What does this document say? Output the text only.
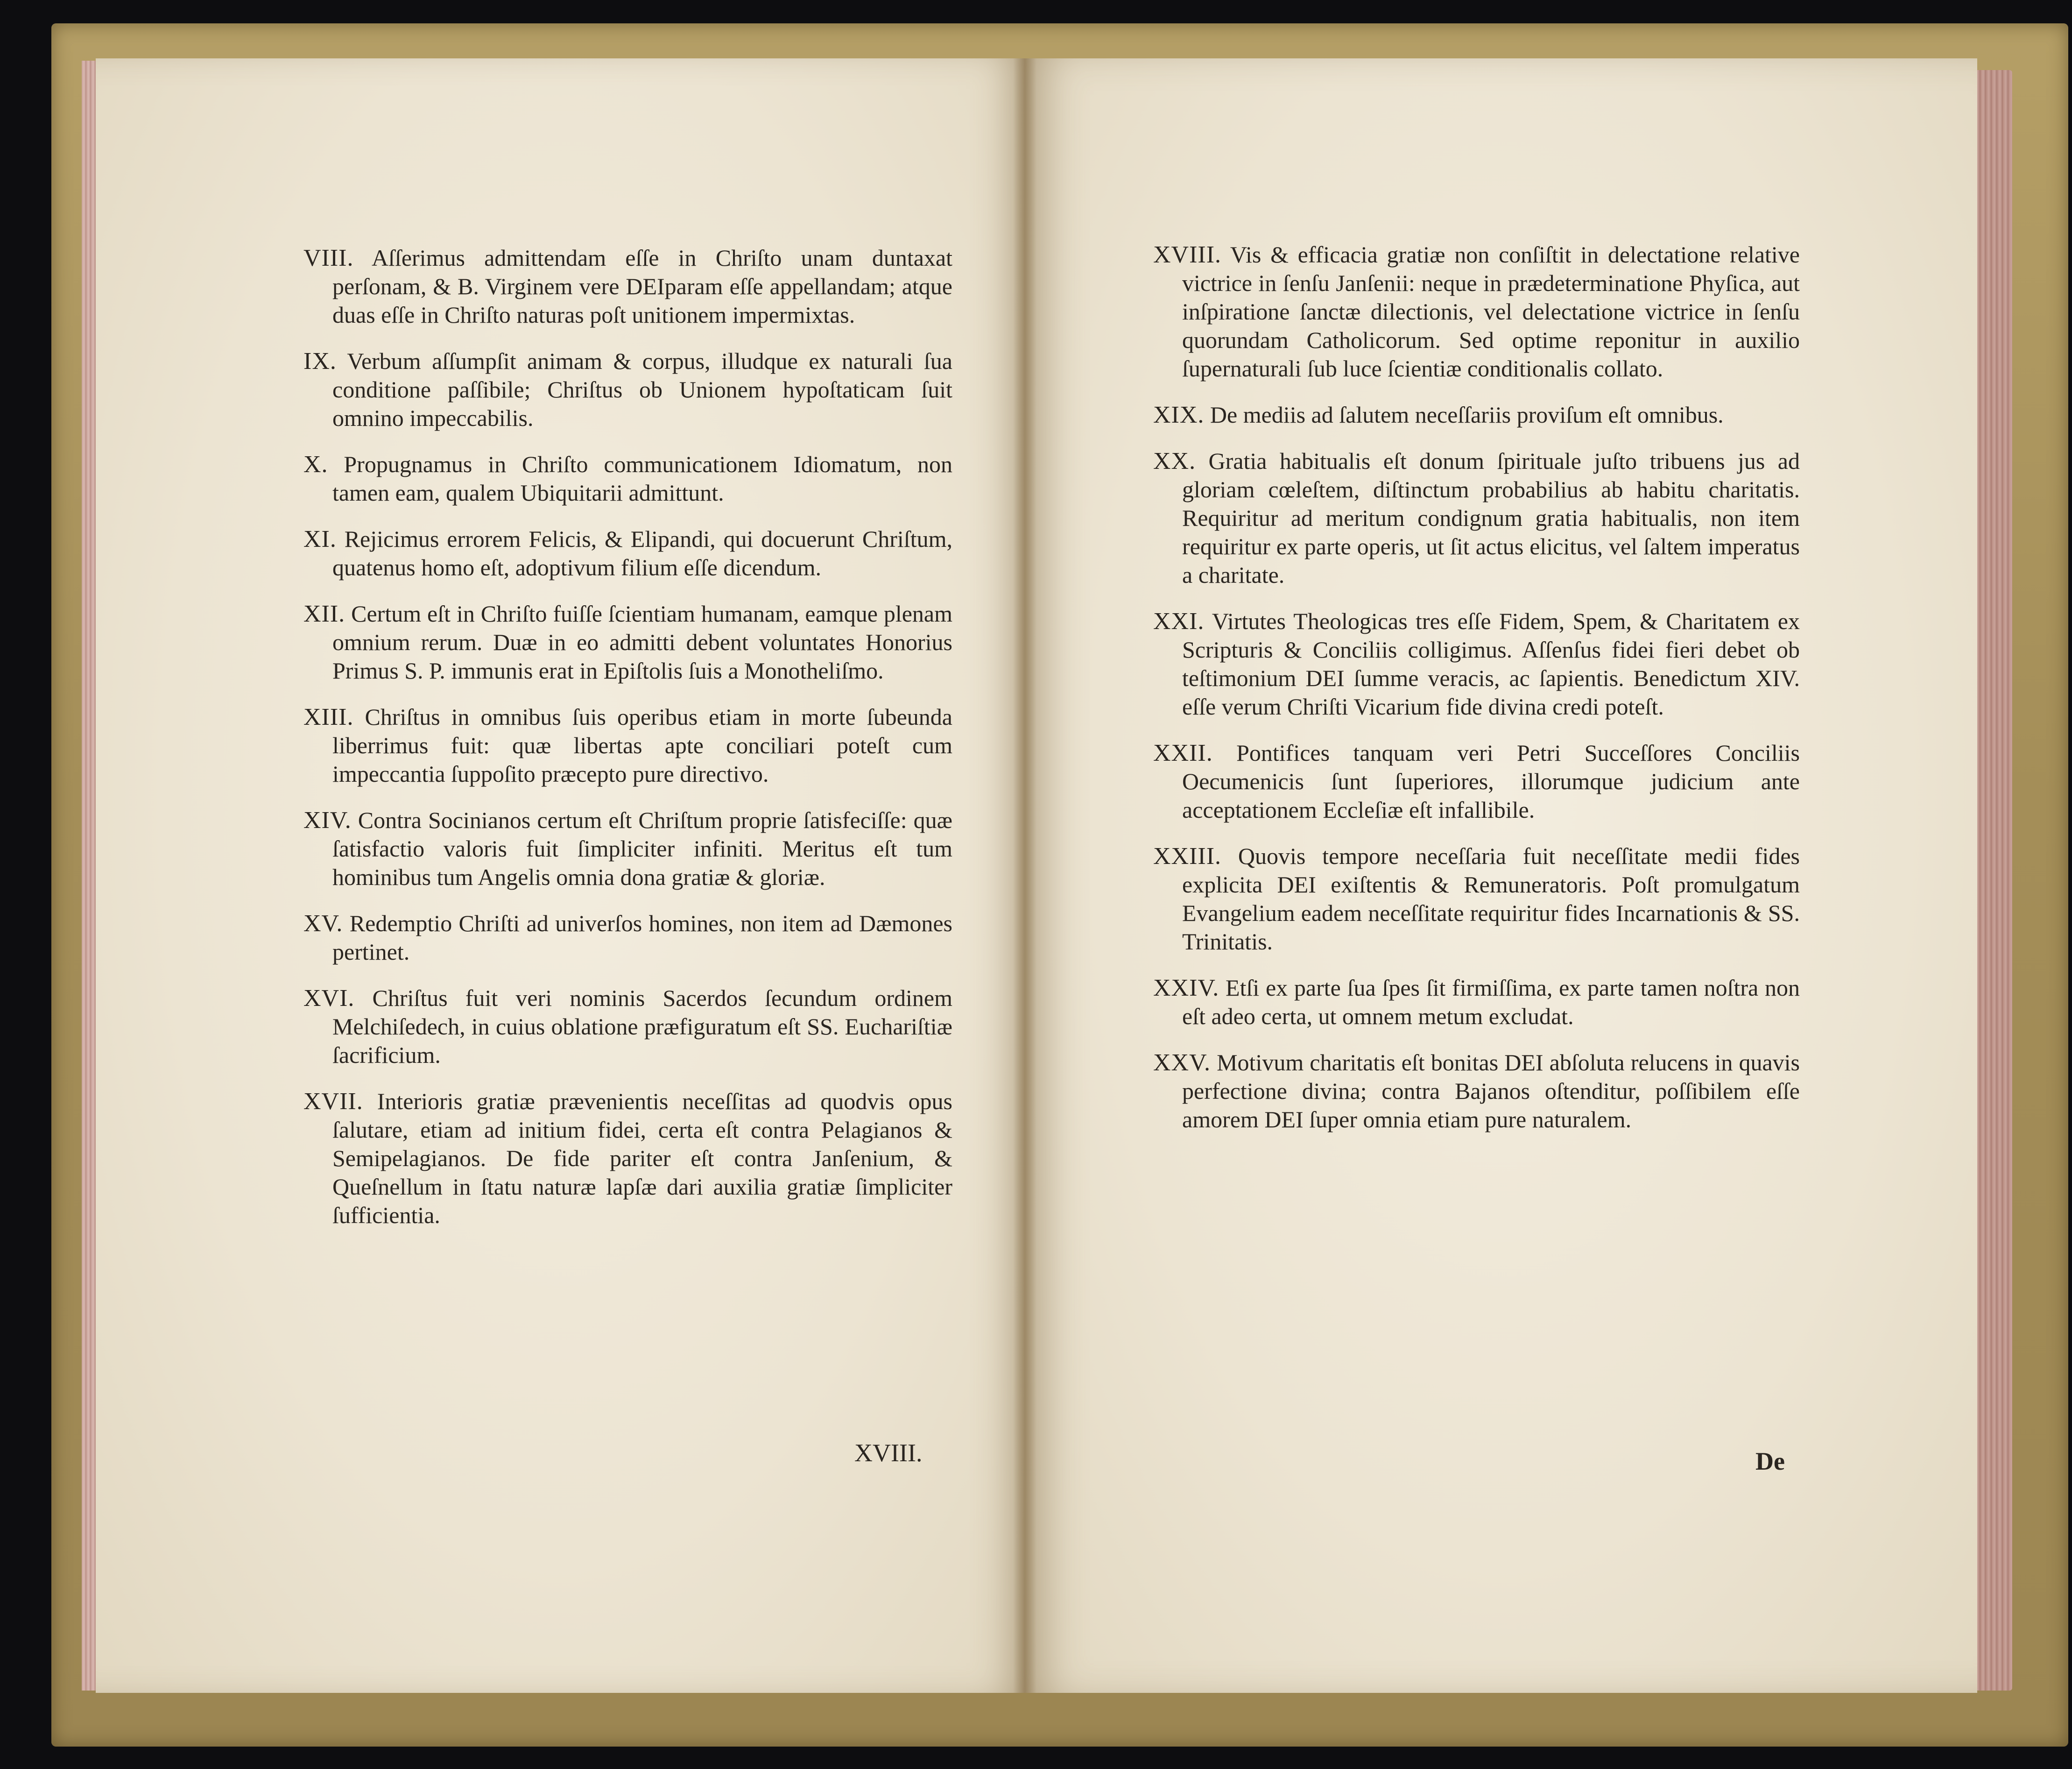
VIII. Aſſerimus admittendam eſſe in Chriſto unam duntaxat perſonam, & B. Virginem vere DEIparam eſſe appellandam; atque duas eſſe in Chriſto naturas poſt unitionem impermixtas.

IX. Verbum aſſumpſit animam & corpus, illudque ex naturali ſua conditione paſſibile; Chriſtus ob Unionem hypoſtaticam ſuit omnino impeccabilis.

X. Propugnamus in Chriſto communicationem Idiomatum, non tamen eam, qualem Ubiquitarii admittunt.

XI. Rejicimus errorem Felicis, & Elipandi, qui docuerunt Chriſtum, quatenus homo eſt, adoptivum filium eſſe dicendum.

XII. Certum eſt in Chriſto fuiſſe ſcientiam humanam, eamque plenam omnium rerum. Duæ in eo admitti debent voluntates Honorius Primus S. P. immunis erat in Epiſtolis ſuis a Monotheliſmo.

XIII. Chriſtus in omnibus ſuis operibus etiam in morte ſubeunda liberrimus fuit: quæ libertas apte conciliari poteſt cum impeccantia ſuppoſito præcepto pure directivo.

XIV. Contra Socinianos certum eſt Chriſtum proprie ſatisfeciſſe: quæ ſatisfactio valoris fuit ſimpliciter infiniti. Meritus eſt tum hominibus tum Angelis omnia dona gratiæ & gloriæ.

XV. Redemptio Chriſti ad univerſos homines, non item ad Dæmones pertinet.

XVI. Chriſtus fuit veri nominis Sacerdos ſecundum ordinem Melchiſedech, in cuius oblatione præfiguratum eſt SS. Euchariſtiæ ſacrificium.

XVII. Interioris gratiæ prævenientis neceſſitas ad quodvis opus ſalutare, etiam ad initium fidei, certa eſt contra Pelagianos & Semipelagianos. De fide pariter eſt contra Janſenium, & Queſnellum in ſtatu naturæ lapſæ dari auxilia gratiæ ſimpliciter ſufficientia.

XVIII.

XVIII. Vis & efficacia gratiæ non conſiſtit in delectatione relative victrice in ſenſu Janſenii: neque in prædeterminatione Phyſica, aut inſpiratione ſanctæ dilectionis, vel delectatione victrice in ſenſu quorundam Catholicorum. Sed optime reponitur in auxilio ſupernaturali ſub luce ſcientiæ conditionalis collato.

XIX. De mediis ad ſalutem neceſſariis proviſum eſt omnibus.

XX. Gratia habitualis eſt donum ſpirituale juſto tribuens jus ad gloriam cœleſtem, diſtinctum probabilius ab habitu charitatis. Requiritur ad meritum condignum gratia habitualis, non item requiritur ex parte operis, ut ſit actus elicitus, vel ſaltem imperatus a charitate.

XXI. Virtutes Theologicas tres eſſe Fidem, Spem, & Charitatem ex Scripturis & Conciliis colligimus. Aſſenſus fidei fieri debet ob teſtimonium DEI ſumme veracis, ac ſapientis. Benedictum XIV. eſſe verum Chriſti Vicarium fide divina credi poteſt.

XXII. Pontifices tanquam veri Petri Succeſſores Conciliis Oecumenicis ſunt ſuperiores, illorumque judicium ante acceptationem Eccleſiæ eſt infallibile.

XXIII. Quovis tempore neceſſaria fuit neceſſitate medii fides explicita DEI exiſtentis & Remuneratoris. Poſt promulgatum Evangelium eadem neceſſitate requiritur fides Incarnationis & SS. Trinitatis.

XXIV. Etſi ex parte ſua ſpes ſit firmiſſima, ex parte tamen noſtra non eſt adeo certa, ut omnem metum excludat.

XXV. Motivum charitatis eſt bonitas DEI abſoluta relucens in quavis perfectione divina; contra Bajanos oſtenditur, poſſibilem eſſe amorem DEI ſuper omnia etiam pure naturalem.

De
